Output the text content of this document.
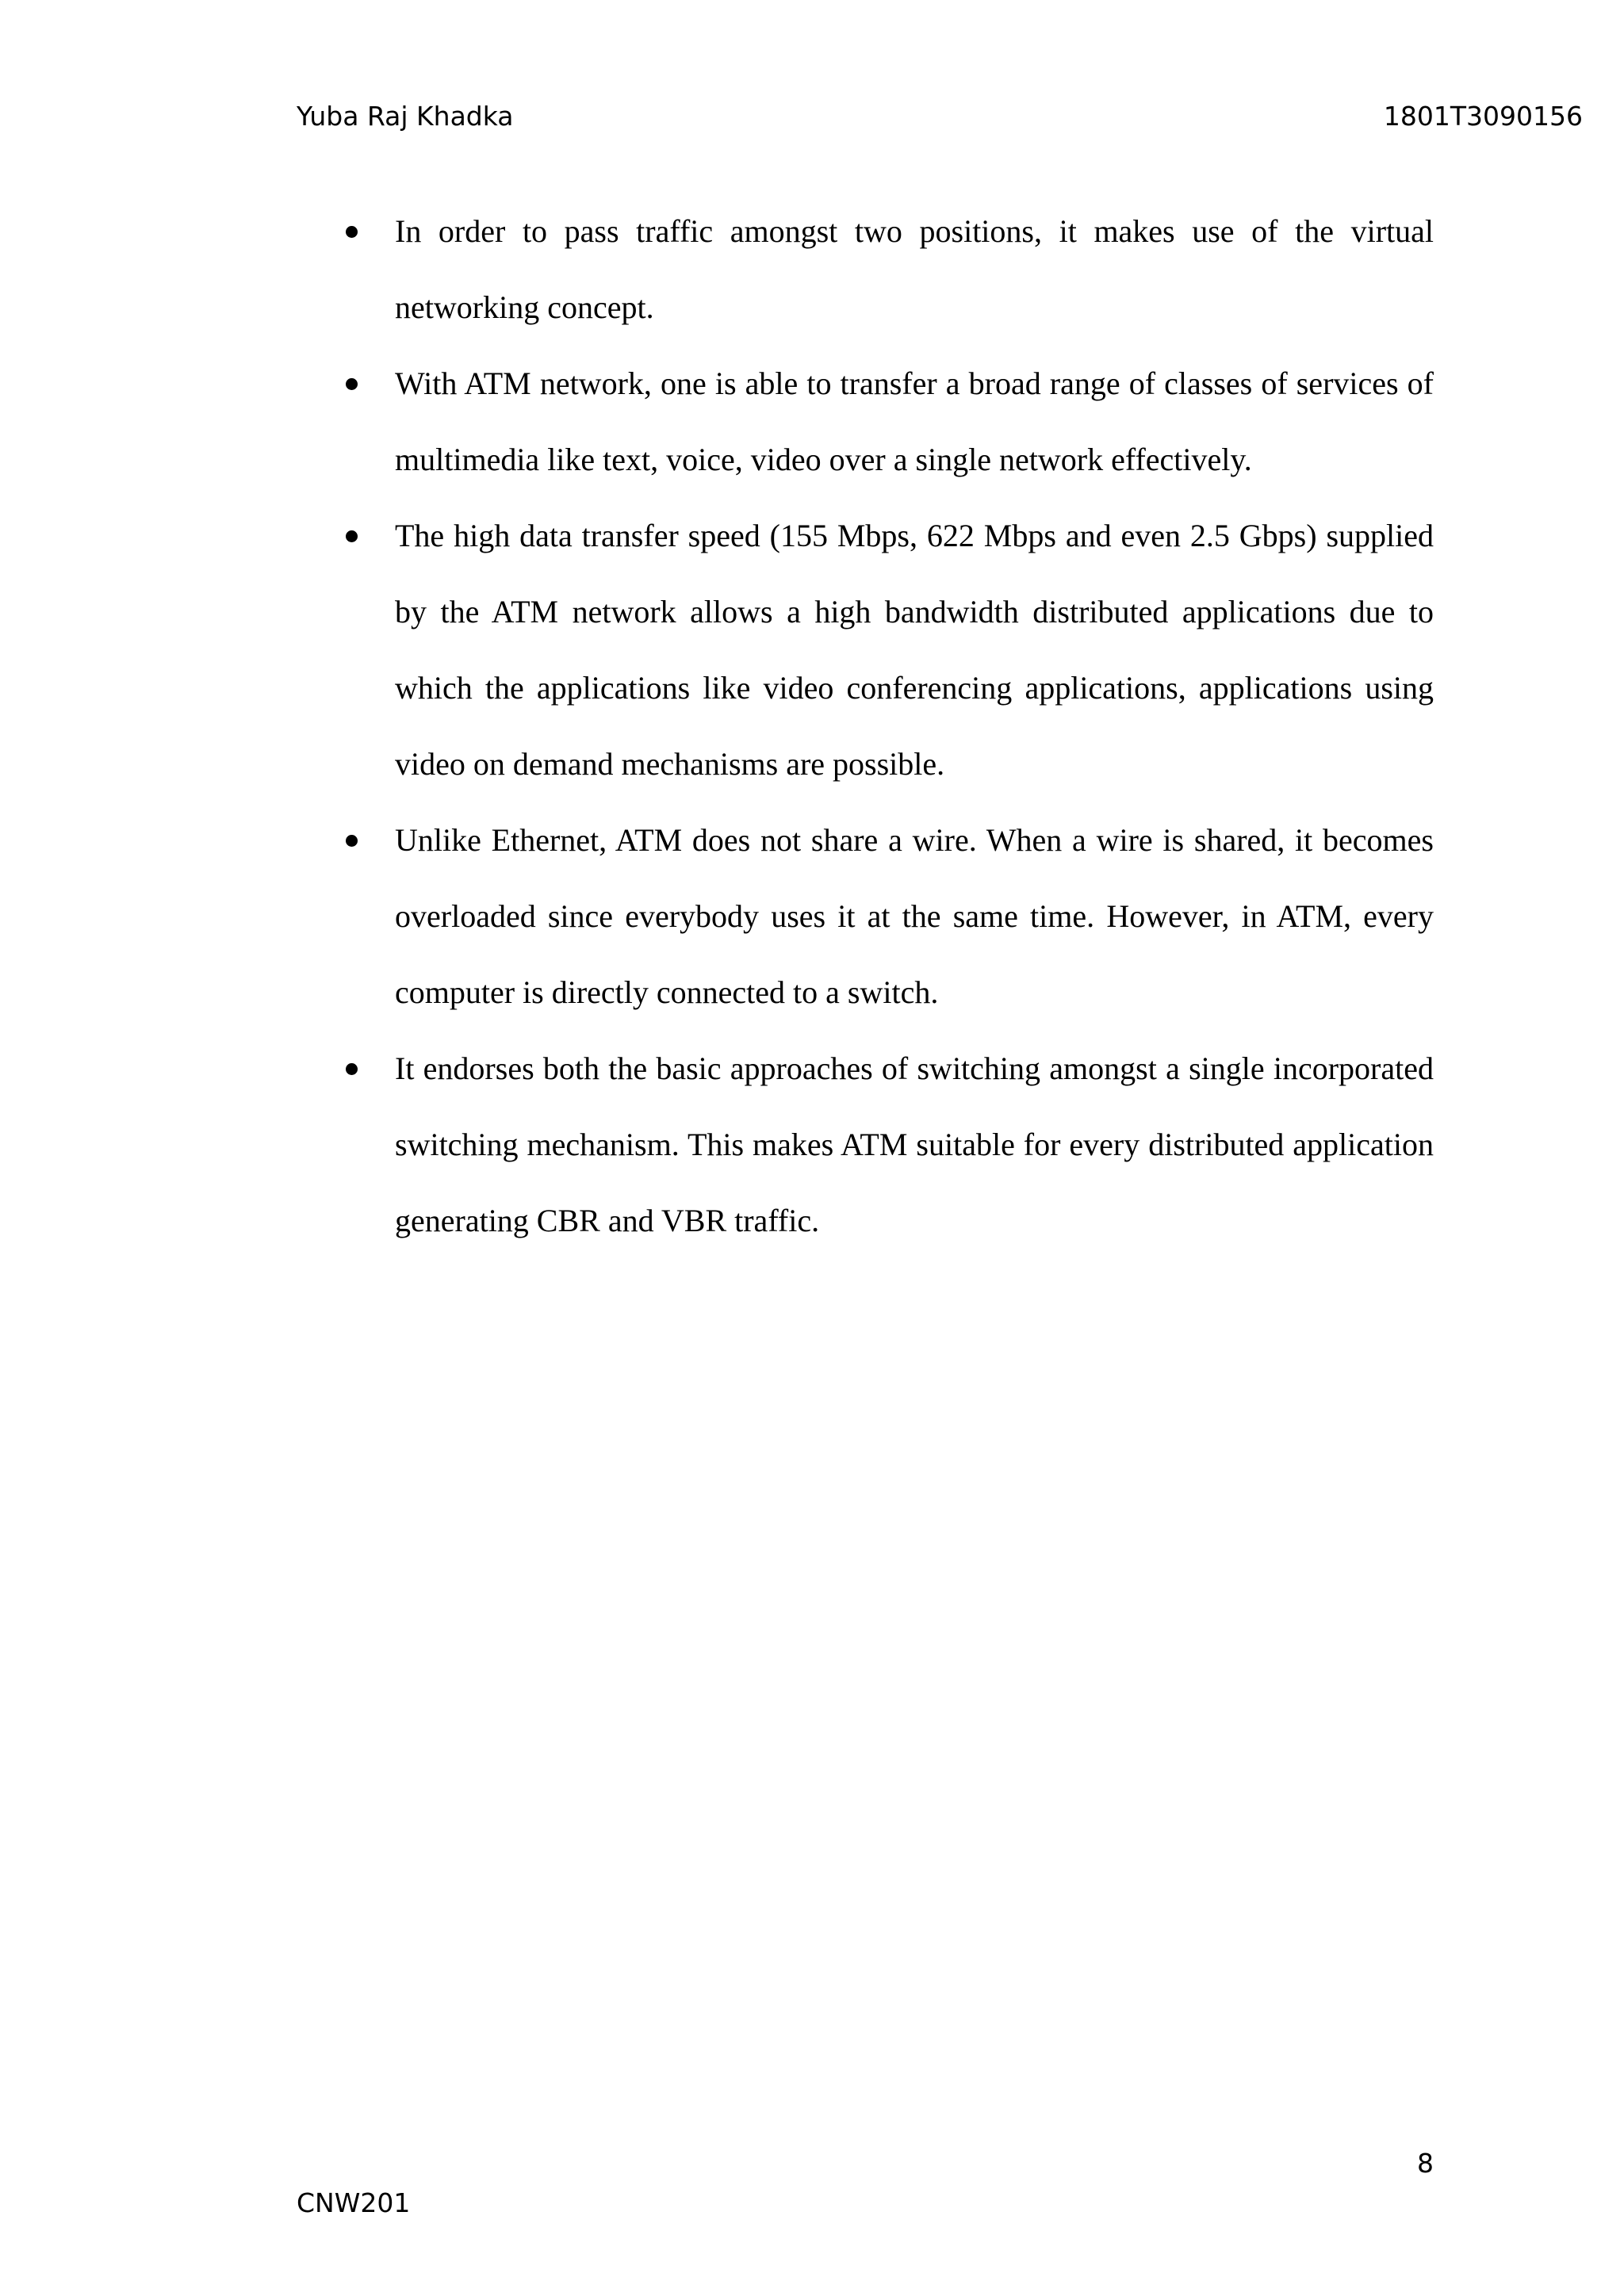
Yuba Raj Khadka	1801T3090156
In order to pass traffic amongst two positions, it makes use of the virtual networking concept.
With ATM network, one is able to transfer a broad range of classes of services of multimedia like text, voice, video over a single network effectively.
The high data transfer speed (155 Mbps, 622 Mbps and even 2.5 Gbps) supplied by the ATM network allows a high bandwidth distributed applications due to which the applications like video conferencing applications, applications using video on demand mechanisms are possible.
Unlike Ethernet, ATM does not share a wire. When a wire is shared, it becomes overloaded since everybody uses it at the same time. However, in ATM, every computer is directly connected to a switch.
It endorses both the basic approaches of switching amongst a single incorporated switching mechanism. This makes ATM suitable for every distributed application generating CBR and VBR traffic.
8
CNW201
